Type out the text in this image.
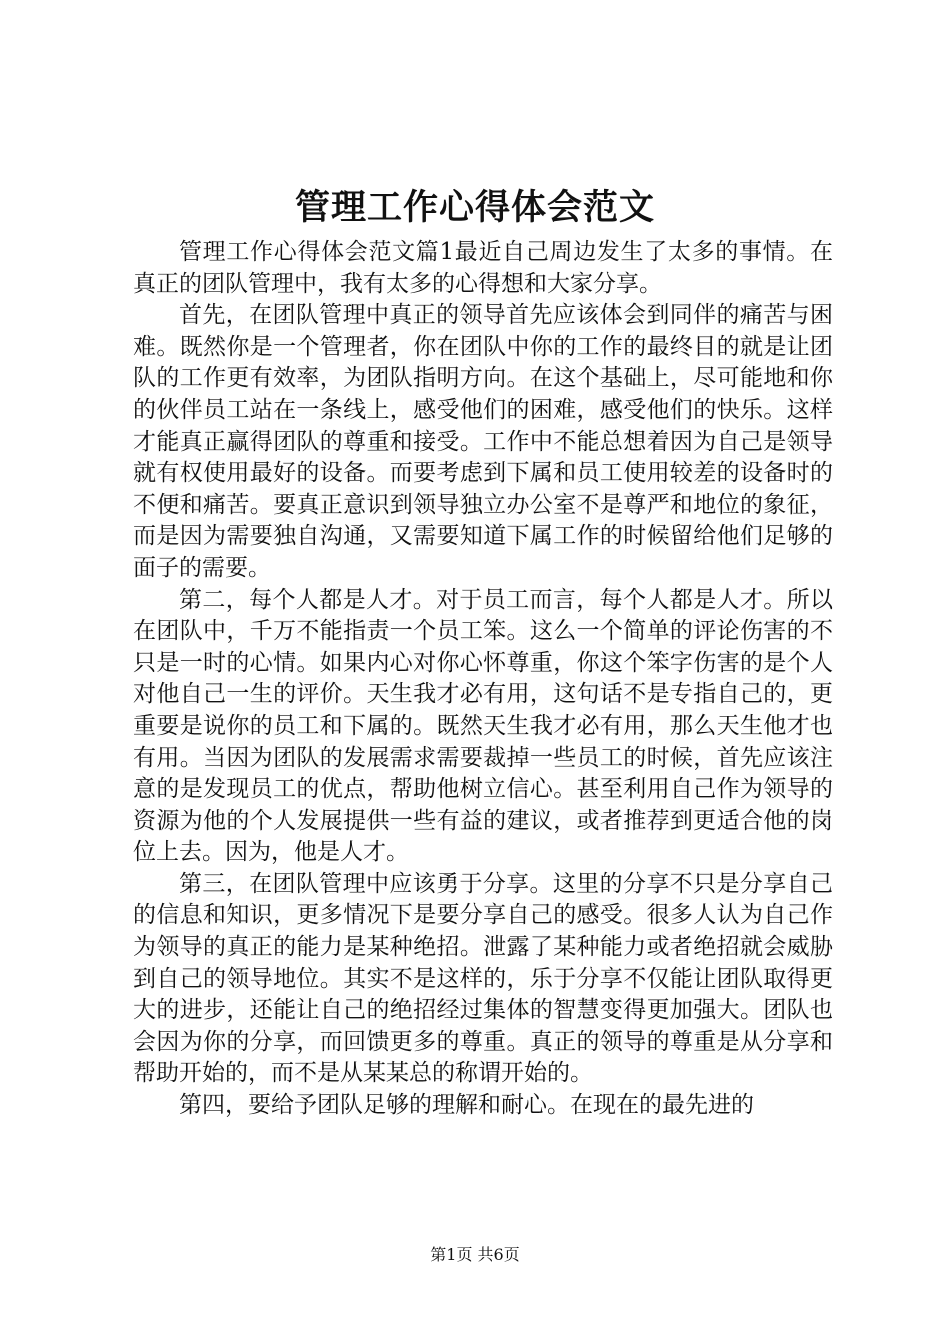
管理工作心得体会范文

管理工作心得体会范文篇1最近自己周边发生了太多的事情。在真正的团队管理中，我有太多的心得想和大家分享。

首先，在团队管理中真正的领导首先应该体会到同伴的痛苦与困难。既然你是一个管理者，你在团队中你的工作的最终目的就是让团队的工作更有效率，为团队指明方向。在这个基础上，尽可能地和你的伙伴员工站在一条线上，感受他们的困难，感受他们的快乐。这样才能真正赢得团队的尊重和接受。工作中不能总想着因为自己是领导就有权使用最好的设备。而要考虑到下属和员工使用较差的设备时的不便和痛苦。要真正意识到领导独立办公室不是尊严和地位的象征，而是因为需要独自沟通，又需要知道下属工作的时候留给他们足够的面子的需要。

第二，每个人都是人才。对于员工而言，每个人都是人才。所以在团队中，千万不能指责一个员工笨。这么一个简单的评论伤害的不只是一时的心情。如果内心对你心怀尊重，你这个笨字伤害的是个人对他自己一生的评价。天生我才必有用，这句话不是专指自己的，更重要是说你的员工和下属的。既然天生我才必有用，那么天生他才也有用。当因为团队的发展需求需要裁掉一些员工的时候，首先应该注意的是发现员工的优点，帮助他树立信心。甚至利用自己作为领导的资源为他的个人发展提供一些有益的建议，或者推荐到更适合他的岗位上去。因为，他是人才。

第三，在团队管理中应该勇于分享。这里的分享不只是分享自己的信息和知识，更多情况下是要分享自己的感受。很多人认为自己作为领导的真正的能力是某种绝招。泄露了某种能力或者绝招就会威胁到自己的领导地位。其实不是这样的，乐于分享不仅能让团队取得更大的进步，还能让自己的绝招经过集体的智慧变得更加强大。团队也会因为你的分享，而回馈更多的尊重。真正的领导的尊重是从分享和帮助开始的，而不是从某某总的称谓开始的。

第四，要给予团队足够的理解和耐心。在现在的最先进的

第1页 共6页
